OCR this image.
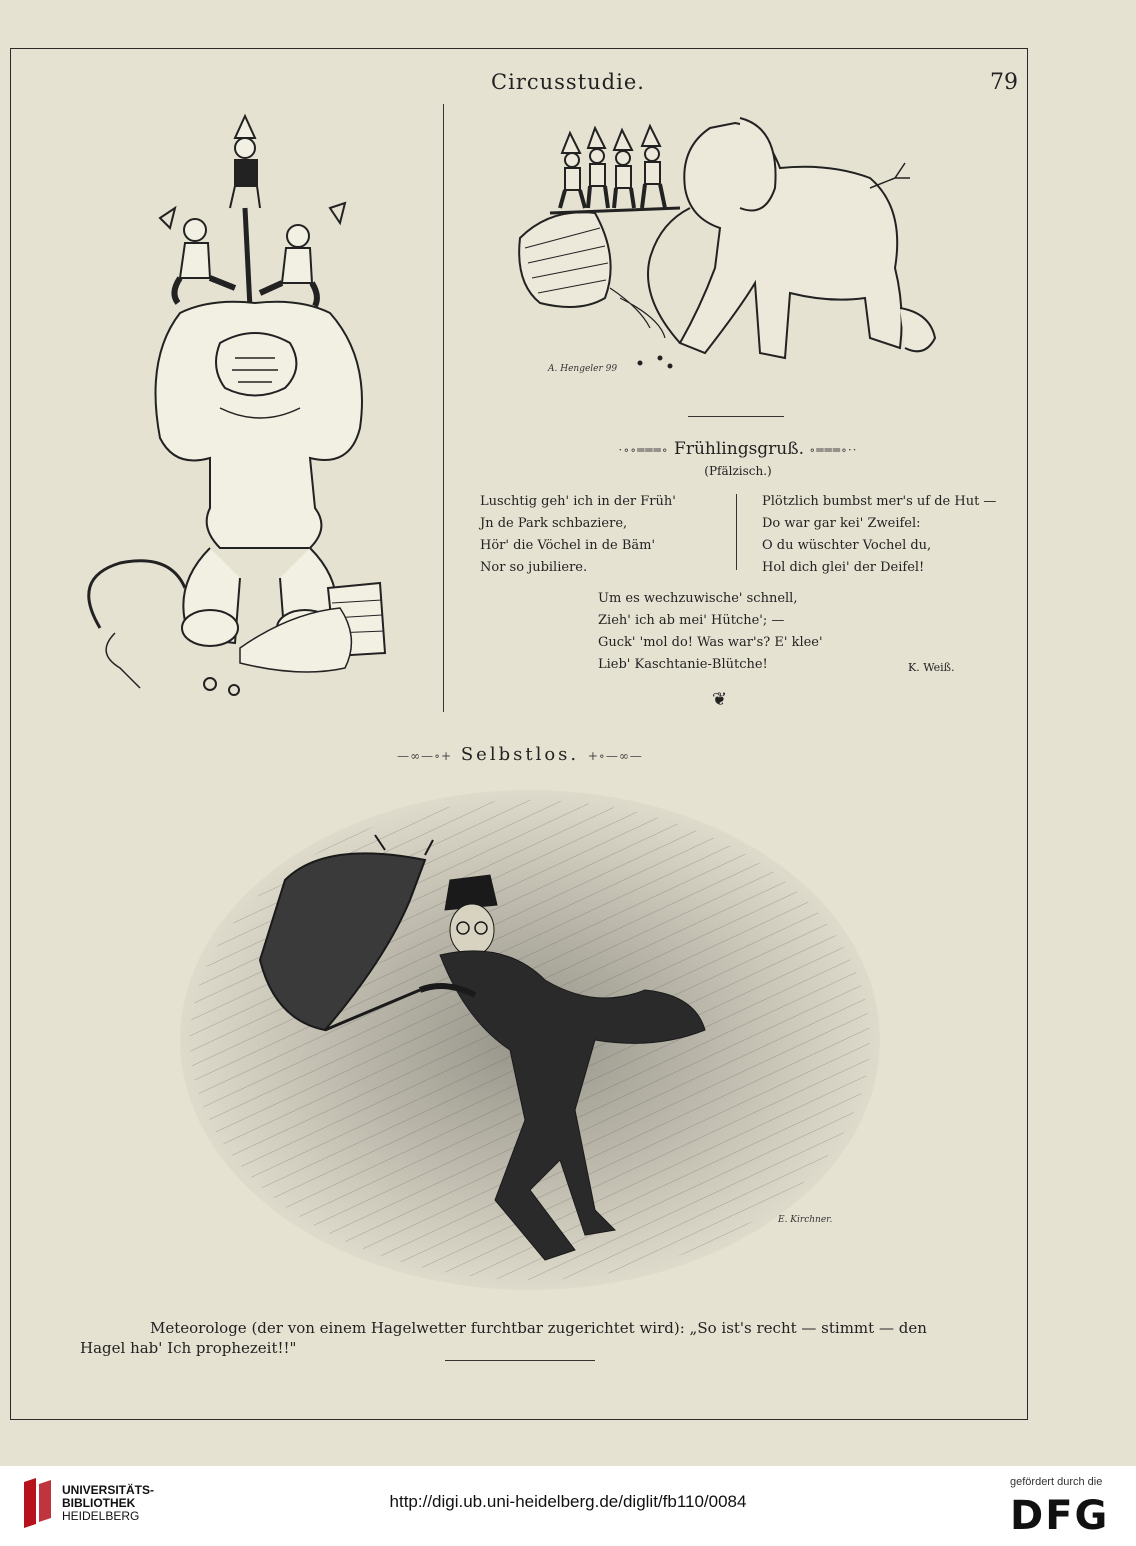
Circusstudie.	79
A. Hengeler 99
·∘∘═══∘ Frühlingsgruß. ∘═══∘··
(Pfälzisch.)

Luschtig geh' ich in der Früh'

Jn de Park schbaziere,

Hör' die Vöchel in de Bäm'

Nor so jubiliere.

Plötzlich bumbst mer's uf de Hut —

Do war gar kei' Zweifel:

O du wüschter Vochel du,

Hol dich glei' der Deifel!

Um es wechzuwische' schnell,

Zieh' ich ab mei' Hütche'; —

Guck' 'mol do! Was war's? E' klee'

Lieb' Kaschtanie-Blütche!	K. Weiß.
❦
—∞—∘+ Selbstlos. +∘—∞—
E. Kirchner.

Meteorologe (der von einem Hagelwetter furchtbar zugerichtet wird): „So ist's recht — stimmt — den

Hagel hab' Ich prophezeit!!"

UNIVERSITÄTS-
BIBLIOTHEK
HEIDELBERG
http://digi.ub.uni-heidelberg.de/diglit/fb110/0084
gefördert durch die
DFG
